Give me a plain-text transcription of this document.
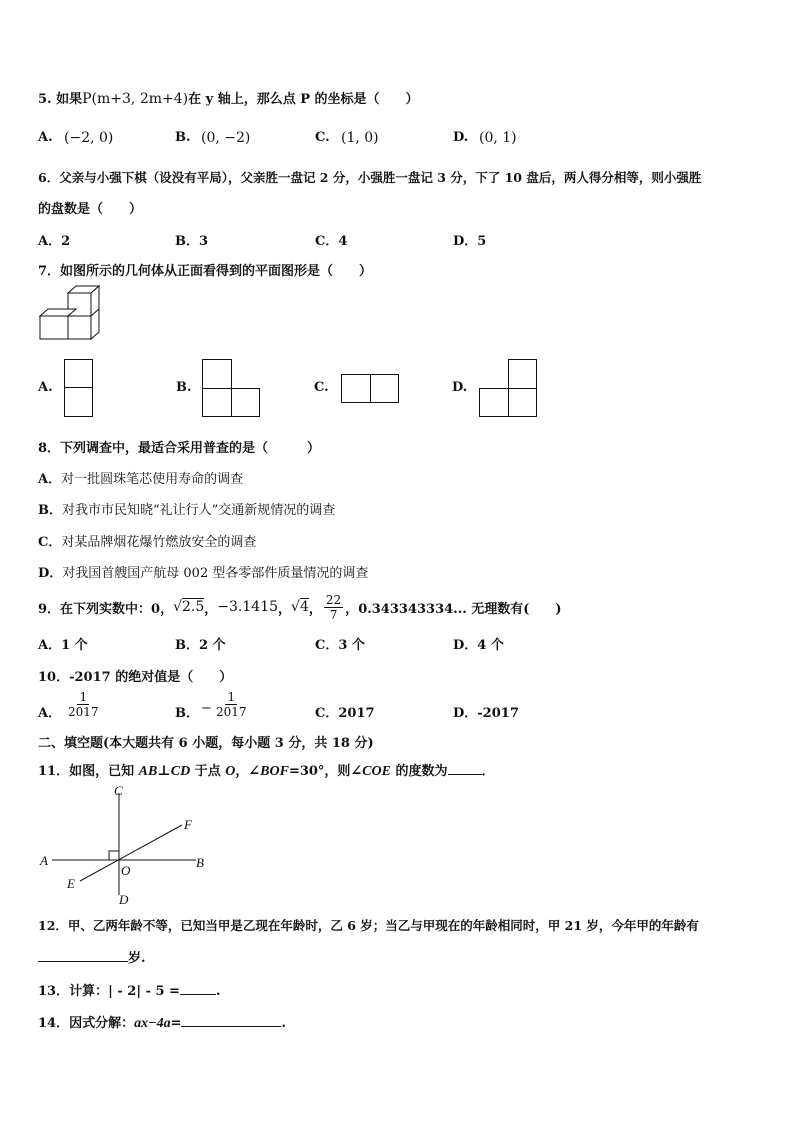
5. 如果P(m+3, 2m+4)在 y 轴上，那么点 P 的坐标是（　　）
A. (−2, 0)	B. (0, −2)	C. (1, 0)	D. (0, 1)
6．父亲与小强下棋（设没有平局），父亲胜一盘记 2 分，小强胜一盘记 3 分，下了 10 盘后，两人得分相等，则小强胜
的盘数是（　　）
A．2	B．3	C．4	D．5
7．如图所示的几何体从正面看得到的平面图形是（　　）
A.	B.	C.	D.
8．下列调查中，最适合采用普查的是（　　　）
A．对一批圆珠笔芯使用寿命的调查
B．对我市市民知晓“礼让行人”交通新规情况的调查
C．对某品牌烟花爆竹燃放安全的调查
D．对我国首艘国产航母 002 型各零部件质量情况的调查
9．在下列实数中：0， √2.5 ， −3.1415 ， √4 ，
22
7 ， 0.343343334... 无理数有(　　)
A．1 个	B．2 个	C．3 个	D．4 个
10．-2017 的绝对值是（　　）
A．
1
2017	B． −
1
2017	C．2017	D．-2017
二、填空题(本大题共有 6 小题，每小题 3 分，共 18 分)
11．如图，已知 AB⊥CD 于点 O，∠BOF=30°，则∠COE 的度数为	．
C
A	B
F
E
O
D
12．甲、乙两年龄不等，已知当甲是乙现在年龄时，乙 6 岁；当乙与甲现在的年龄相同时，甲 21 岁，今年甲的年龄有
岁.
13．计算：| - 2| - 5 =	.
14．因式分解：ax−4a=	.
